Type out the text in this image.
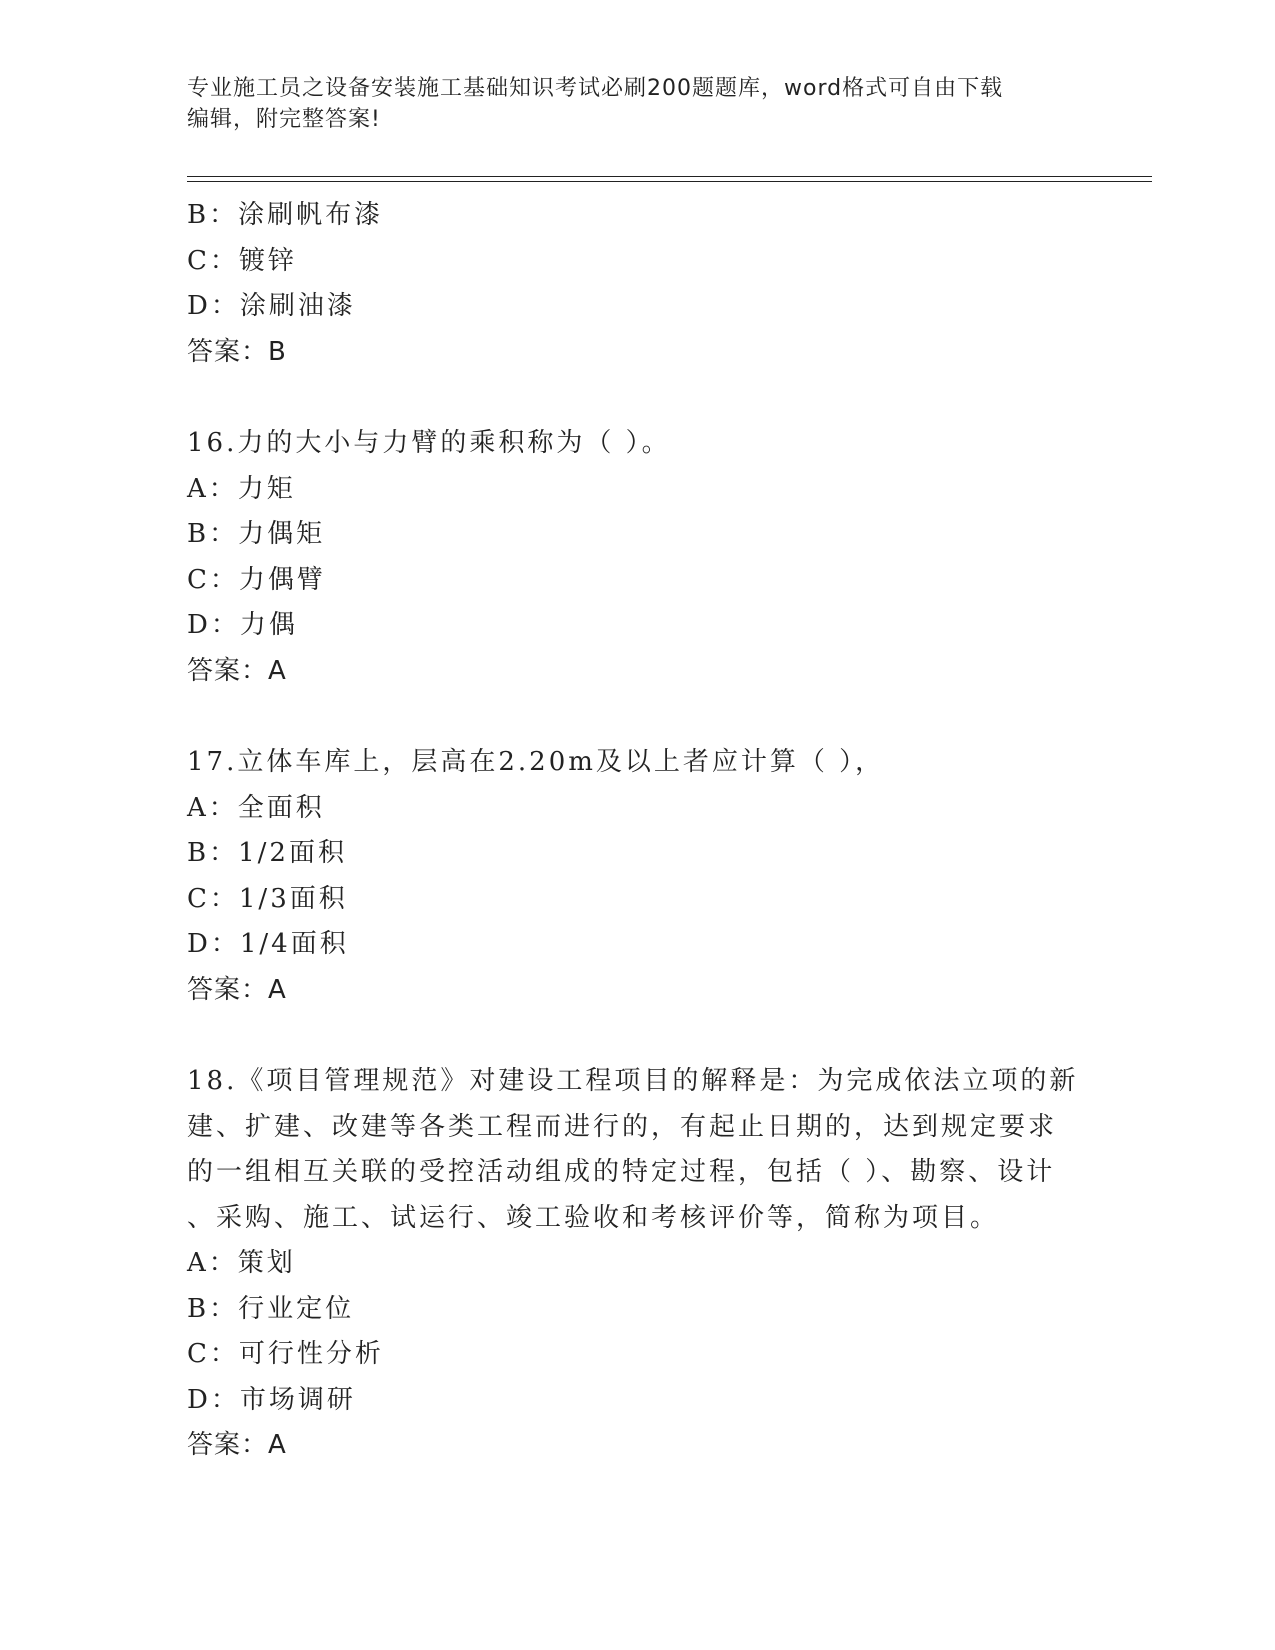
专业施工员之设备安装施工基础知识考试必刷200题题库，word格式可自由下载
编辑，附完整答案!
B：涂刷帆布漆
C：镀锌
D：涂刷油漆
答案：B
16.力的大小与力臂的乘积称为（ ）。
A：力矩
B：力偶矩
C：力偶臂
D：力偶
答案：A
17.立体车库上，层高在2.20m及以上者应计算（ ），
A：全面积
B：1/2面积
C：1/3面积
D：1/4面积
答案：A
18.《项目管理规范》对建设工程项目的解释是：为完成依法立项的新
建、扩建、改建等各类工程而进行的，有起止日期的，达到规定要求
的一组相互关联的受控活动组成的特定过程，包括（ ）、勘察、设计
、采购、施工、试运行、竣工验收和考核评价等，简称为项目。
A：策划
B：行业定位
C：可行性分析
D：市场调研
答案：A
